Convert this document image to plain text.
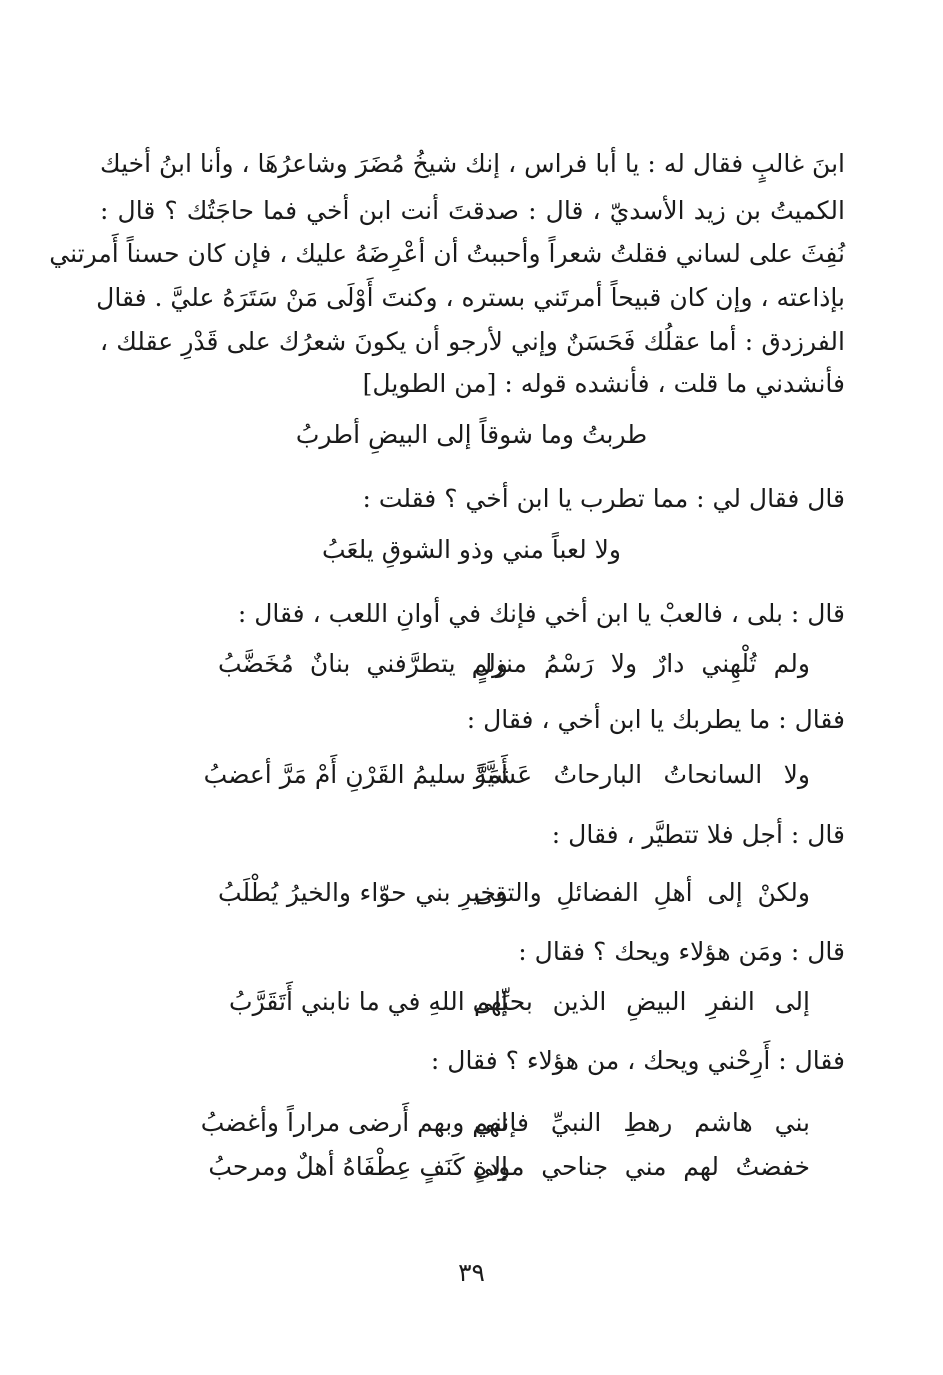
ابنَ غالبٍ فقال له : يا أبا فراس ، إنك شيخُ مُضَرَ وشاعرُهَا ، وأنا ابنُ أخيك
الكميتُ بن زيد الأسديّ ، قال : صدقتَ أنت ابن أخي فما حاجَتُك ؟ قال :
نُفِثَ على لساني فقلتُ شعراً وأحببتُ أن أعْرِضَهُ عليك ، فإن كان حسناً أَمرتني
بإذاعته ، وإن كان قبيحاً أمرتَني بستره ، وكنتَ أَوْلَى مَنْ سَتَرَهُ عليَّ . فقال
الفرزدق : أما عقلُك فَحَسَنٌ وإني لأرجو أن يكونَ شعرُك على قَدْرِ عقلك ،
فأنشدني ما قلت ، فأنشده قوله : [من الطويل]
طربتُ وما شوقاً إلى البيضِ أطربُ
قال فقال لي : مما تطرب يا ابن أخي ؟ فقلت :
ولا لعباً مني وذو الشوقِ يلعَبُ
قال : بلى ، فالعبْ يا ابن أخي فإنك في أوانِ اللعب ، فقال :
ولم تُلْهِني دارٌ ولا رَسْمُ منزلٍ
ولم يتطرَّفني بنانٌ مُخَضَّبُ
فقال : ما يطربك يا ابن أخي ، فقال :
ولا السانحاتُ البارحاتُ عَشيَّةً
أَمَرَّ سليمُ القَرْنِ أَمْ مَرَّ أعضبُ
قال : أجل فلا تتطيَّر ، فقال :
ولكنْ إلى أهلِ الفضائلِ والتقى
وخيرِ بني حوّاء والخيرُ يُطْلَبُ
قال : ومَن هؤلاء ويحك ؟ فقال :
إلى النفرِ البيضِ الذين بحبِّهم
إلى اللهِ في ما نابني أَتَقَرَّبُ
فقال : أَرِحْني ويحك ، من هؤلاء ؟ فقال :
بني هاشم رهطِ النبيِّ فإنني
لهم وبهم أَرضى مراراً وأغضبُ
خفضتُ لهم مني جناحي مودةٍ
إلى كَنَفٍ عِطْفَاهُ أهلٌ ومرحبُ
٣٩
